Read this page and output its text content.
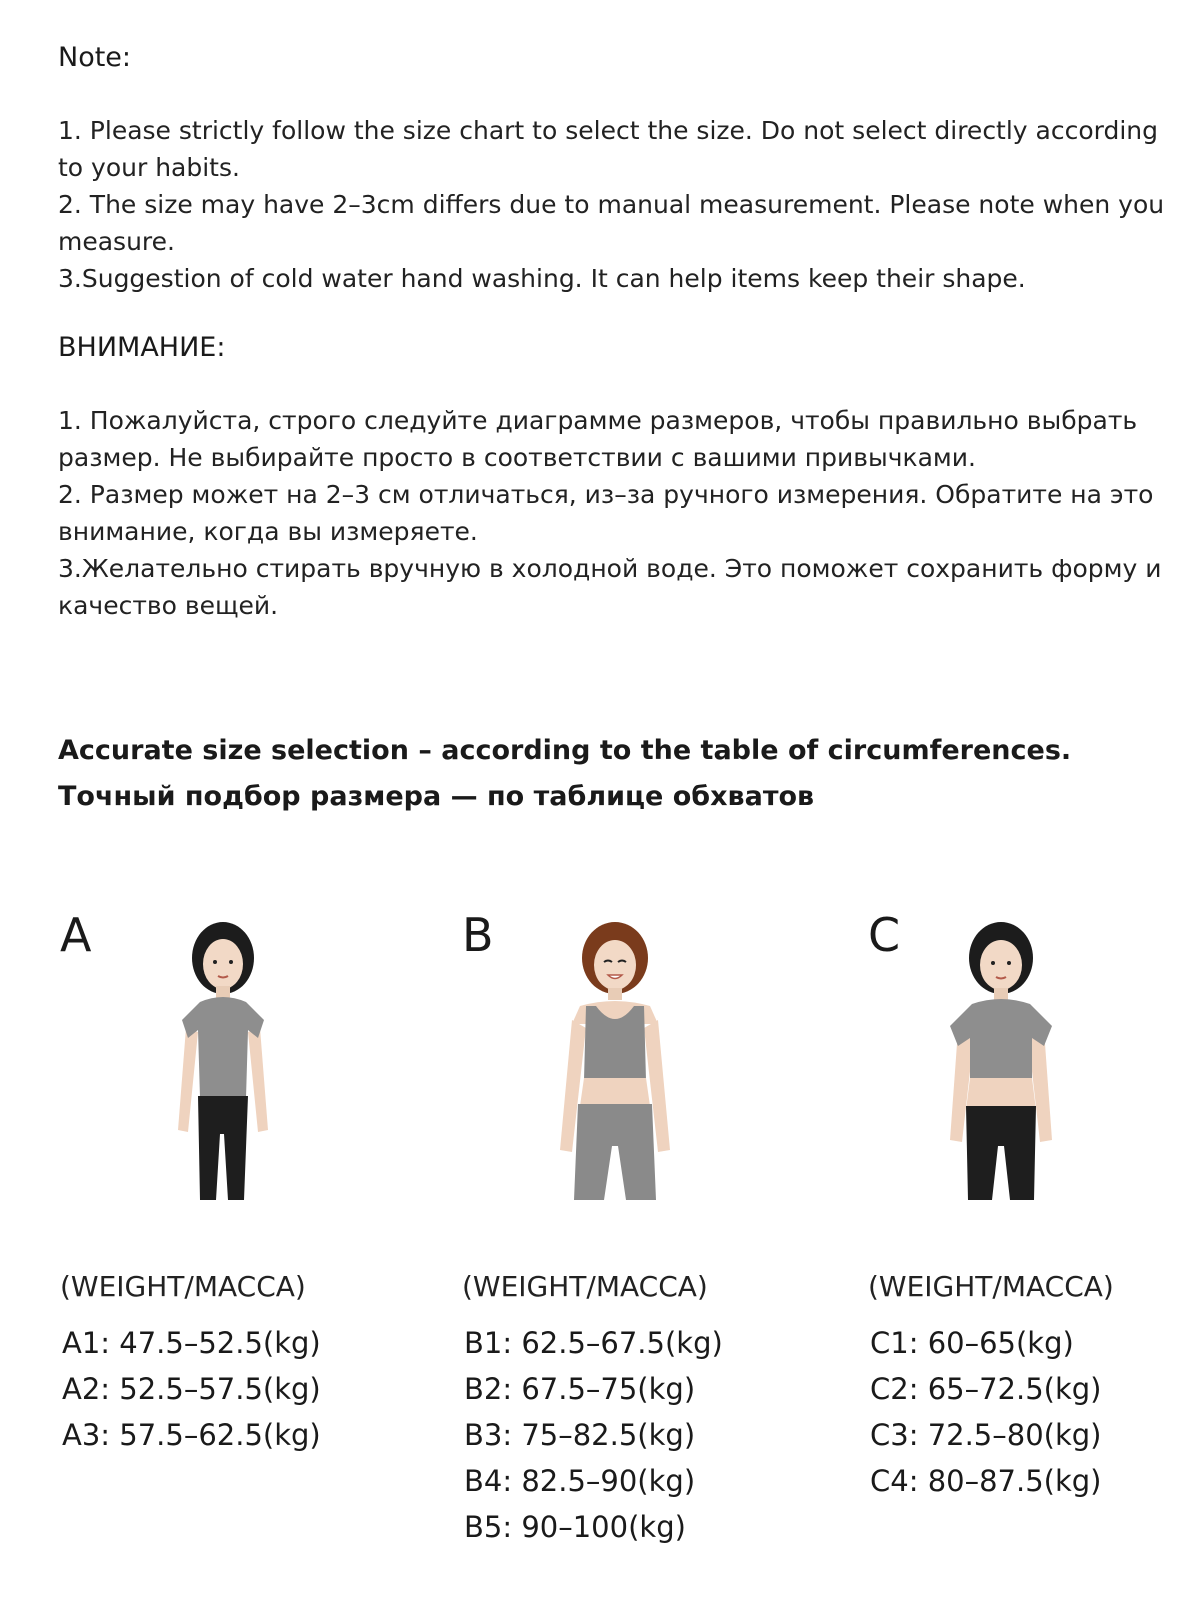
Note:

1. Please strictly follow the size chart to select the size. Do not select directly according to your habits.

2. The size may have 2–3cm differs due to manual measurement. Please note when you measure.

3.Suggestion of cold water hand washing. It can help items keep their shape.

ВНИМАНИЕ:

1. Пожалуйста, строго следуйте диаграмме размеров, чтобы правильно выбрать размер. Не выбирайте просто в соответствии с вашими привычками.

2. Размер может на 2–3 см отличаться, из–за ручного измерения. Обратите на это внимание, когда вы измеряете.

3.Желательно стирать вручную в холодной воде. Это поможет сохранить форму и качество вещей.

Accurate size selection – according to the table of circumferences.
Точный подбор размера — по таблице обхватов
A
(WEIGHT/MACCA)
A1: 47.5–52.5(kg)
A2: 52.5–57.5(kg)
A3: 57.5–62.5(kg)
B
(WEIGHT/MACCA)
B1: 62.5–67.5(kg)
B2: 67.5–75(kg)
B3: 75–82.5(kg)
B4: 82.5–90(kg)
B5: 90–100(kg)
C
(WEIGHT/MACCA)
C1: 60–65(kg)
C2: 65–72.5(kg)
C3: 72.5–80(kg)
C4: 80–87.5(kg)
